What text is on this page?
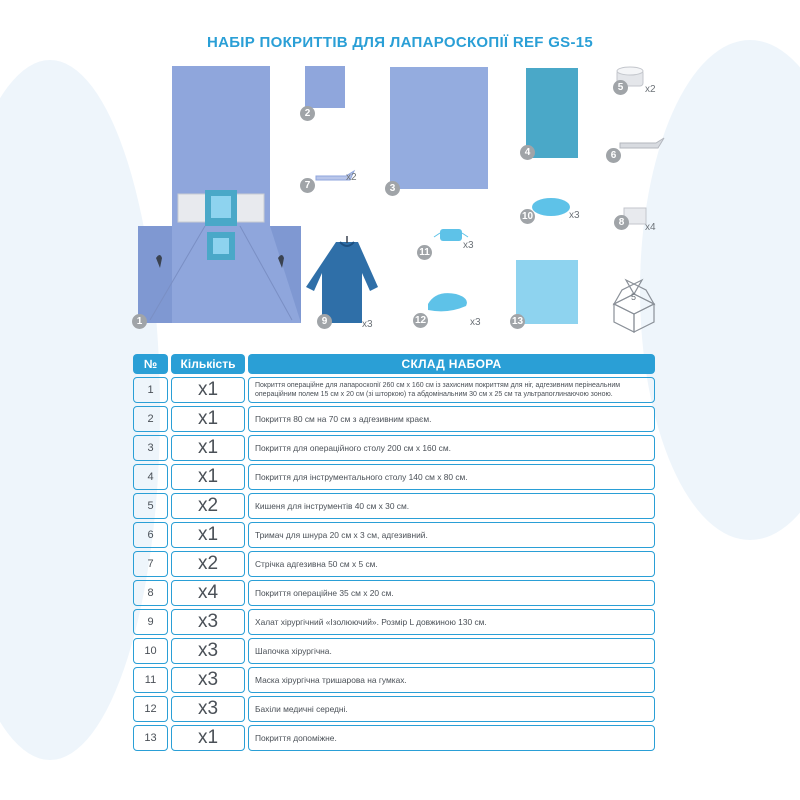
НАБІР ПОКРИТТІВ ДЛЯ ЛАПАРОСКОПІЇ REF GS-15
1
2
3
4
5	x2
6
7
x2
8	x4
9	x3
10	x3
11
x3
12	x3	13
5
№	Кількість	СКЛАД НАБОРА
1	x1	Покриття операційне для лапароскопії 260 см х 160 см із захисним покриттям для ніг, адгезивним перінеальним операційним полем 15 см х 20 см (зі шторкою) та абдомінальним 30 см х 25 см та ультрапоглинаючою зоною.
2	x1	Покриття 80 см на 70 см з адгезивним краєм.
3	x1	Покриття для операційного столу 200 см х 160 см.
4	x1	Покриття для інструментального столу 140 см х 80 см.
5	x2	Кишеня для інструментів 40 см х 30 см.
6	x1	Тримач для шнура 20 см х 3 см, адгезивний.
7	x2	Стрічка адгезивна 50 см х 5 см.
8	x4	Покриття операційне 35 см х 20 см.
9	x3	Халат хірургічний «Ізолюючий». Розмір L довжиною 130 см.
10	x3	Шапочка хірургічна.
11	x3	Маска хірургічна тришарова на гумках.
12	x3	Бахіли медичні середні.
13	x1	Покриття допоміжне.
